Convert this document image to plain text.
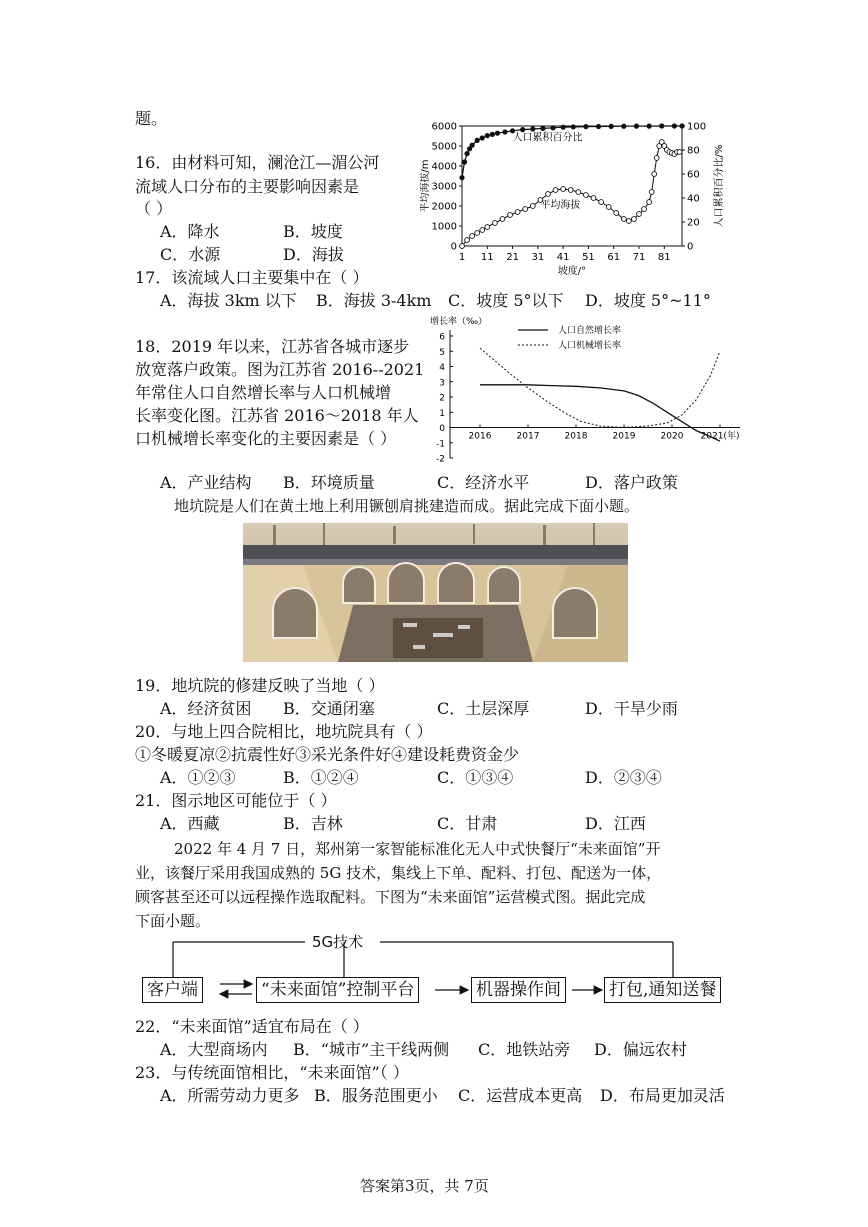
题。
16．由材料可知，澜沧江—湄公河
流域人口分布的主要影响因素是
（ ）
A．降水	B．坡度
C．水源	D．海拔	0
1000
2000
3000
4000
5000
6000
0
20
40
60
80
100
1 11 21 31 41 51 61 71 81
坡度/°
平均海拔/m	人口累积百分比/%
人口累积百分比
平均海拔
17．该流域人口主要集中在（ ）
A．海拔 3km 以下 B．海拔 3-4km C．坡度 5°以下 D．坡度 5°~11°
18．2019 年以来，江苏省各城市逐步
放宽落户政策。图为江苏省 2016--2021
年常住人口自然增长率与人口机械增
长率变化图。江苏省 2016～2018 年人
口机械增长率变化的主要因素是（ ）
-2
-1
0
1
2
3
4
5
6
2016	2017	2018	2019	2020 2021(年)
增长率（‰）
人口自然增长率
人口机械增长率
A．产业结构 B．环境质量	C．经济水平	D．落户政策
地坑院是人们在黄土地上利用镢刨肩挑建造而成。据此完成下面小题。
19．地坑院的修建反映了当地（ ）
A．经济贫困 B．交通闭塞	C．土层深厚	D．干旱少雨
20．与地上四合院相比，地坑院具有（ ）
①冬暖夏凉②抗震性好③采光条件好④建设耗费资金少
A．①②③	B．①②④	C．①③④	D．②③④
21．图示地区可能位于（ ）
A．西藏	B．吉林	C．甘肃	D．江西
2022 年 4 月 7 日，郑州第一家智能标准化无人中式快餐厅“未来面馆”开
业，该餐厅采用我国成熟的 5G 技术，集线上下单、配料、打包、配送为一体，
顾客甚至还可以远程操作选取配料。下图为“未来面馆”运营模式图。据此完成
下面小题。
5G技术
客户端	“未来面馆”控制平台	机器操作间	打包,通知送餐
22．“未来面馆”适宜布局在（ ）
A．大型商场内 B．“城市”主干线两侧 C．地铁站旁 D．偏远农村
23．与传统面馆相比，“未来面馆”（ ）
A．所需劳动力更多 B．服务范围更小 C．运营成本更高 D．布局更加灵活
答案第3页，共 7页
